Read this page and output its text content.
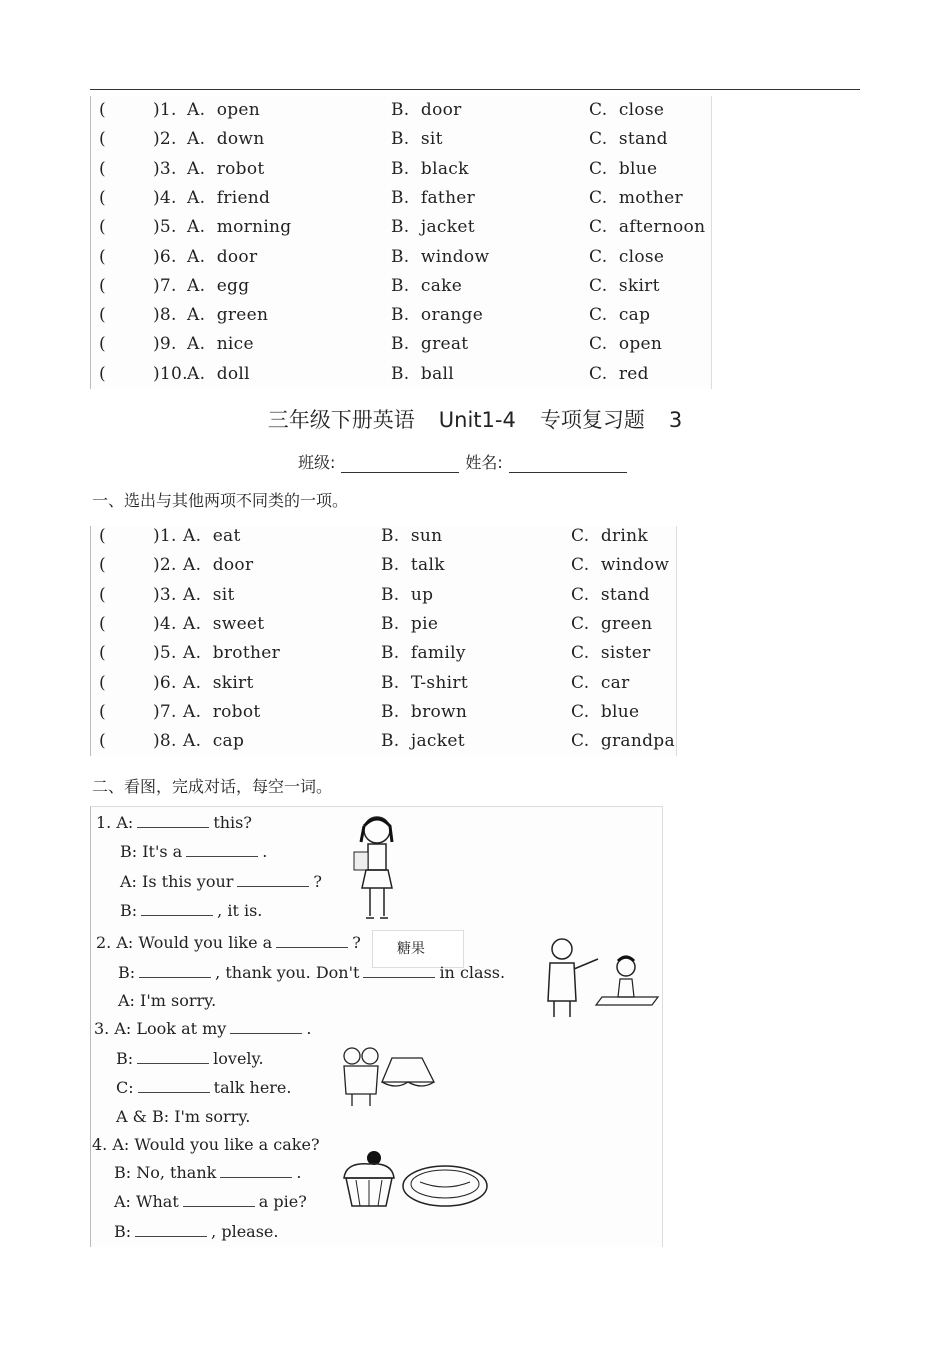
(	)1. A.  open	B.  door	C.  close
(	)2. A.  down	B.  sit	C.  stand
(	)3. A.  robot	B.  black	C.  blue
(	)4. A.  friend	B.  father	C.  mother
(	)5. A.  morning	B.  jacket	C.  afternoon
(	)6. A.  door	B.  window	C.  close
(	)7. A.  egg	B.  cake	C.  skirt
(	)8. A.  green	B.  orange	C.  cap
(	)9. A.  nice	B.  great	C.  open
(	)10. A.  doll	B.  ball	C.  red
三年级下册英语 Unit1-4 专项复习题 3
班级:	姓名:
一、选出与其他两项不同类的一项。
(	)1. A.  eat	B.  sun	C.  drink
(	)2. A.  door	B.  talk	C.  window
(	)3. A.  sit	B.  up	C.  stand
(	)4. A.  sweet	B.  pie	C.  green
(	)5. A.  brother	B.  family	C.  sister
(	)6. A.  skirt	B.  T-shirt	C.  car
(	)7. A.  robot	B.  brown	C.  blue
(	)8. A.  cap	B.  jacket	C.  grandpa
二、看图，完成对话，每空一词。
1. A:	this?
B: It's a	.
A: Is this your	?
B:	, it is.
2. A: Would you like a	?	糖果
B:	, thank you. Don't	in class.
A: I'm sorry.
3. A: Look at my	.
B:	lovely.
C:	talk here.
A & B: I'm sorry.
4. A: Would you like a cake?
B: No, thank	.
A: What	a pie?
B:	, please.
